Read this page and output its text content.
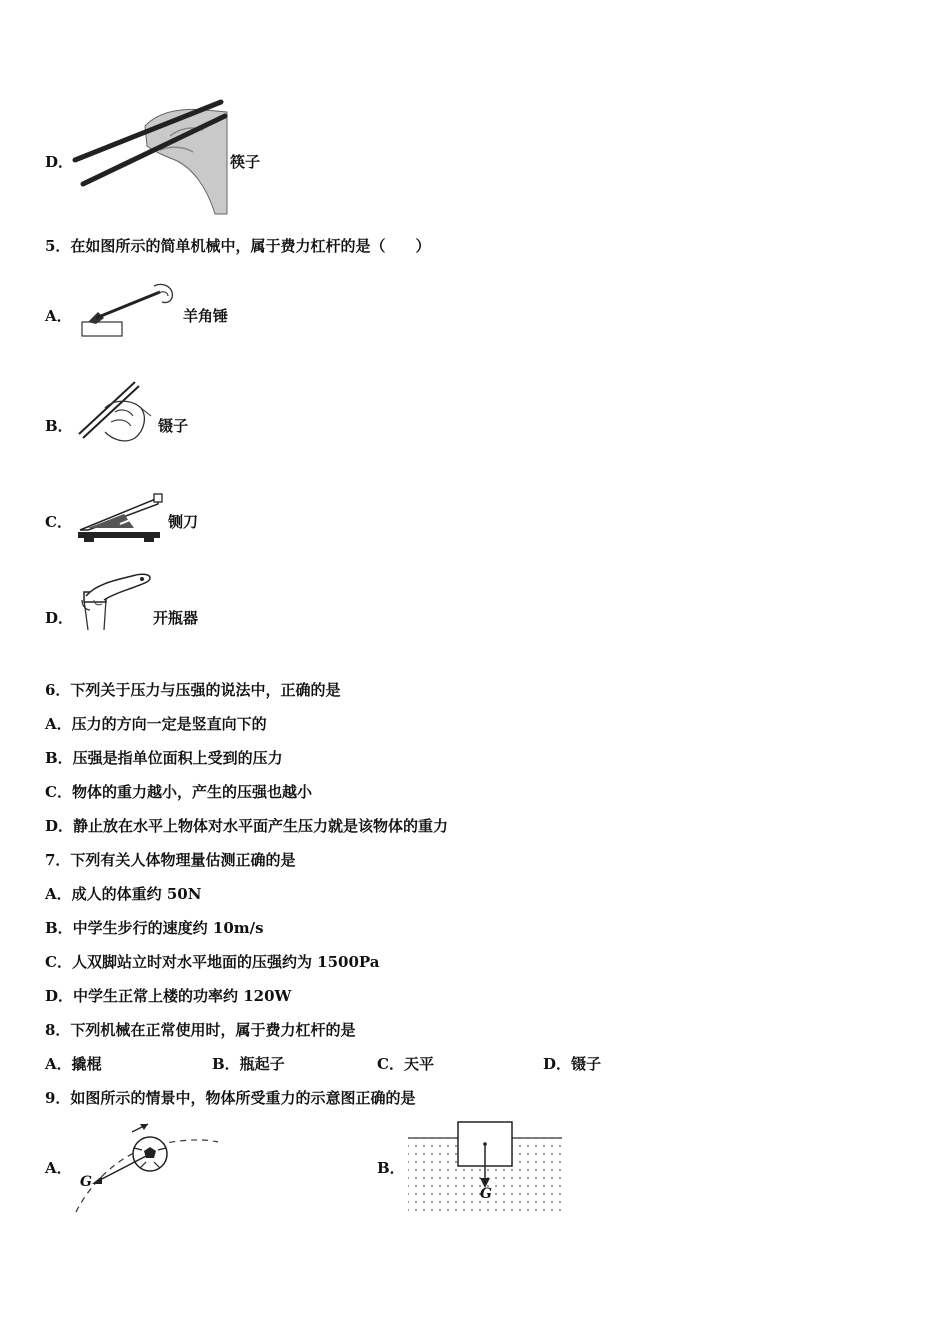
D．	筷子
5．在如图所示的简单机械中，属于费力杠杆的是（　　）
A．	羊角锤
B．	镊子
C．	铡刀
D．	开瓶器
6．下列关于压力与压强的说法中，正确的是
A．压力的方向一定是竖直向下的
B．压强是指单位面积上受到的压力
C．物体的重力越小，产生的压强也越小
D．静止放在水平上物体对水平面产生压力就是该物体的重力
7．下列有关人体物理量估测正确的是
A．成人的体重约 50N
B．中学生步行的速度约 10m/s
C．人双脚站立时对水平地面的压强约为 1500Pa
D．中学生正常上楼的功率约 120W
8．下列机械在正常使用时，属于费力杠杆的是
A．撬棍	B．瓶起子	C．天平	D．镊子
9．如图所示的情景中，物体所受重力的示意图正确的是
A．
G
B．
G
